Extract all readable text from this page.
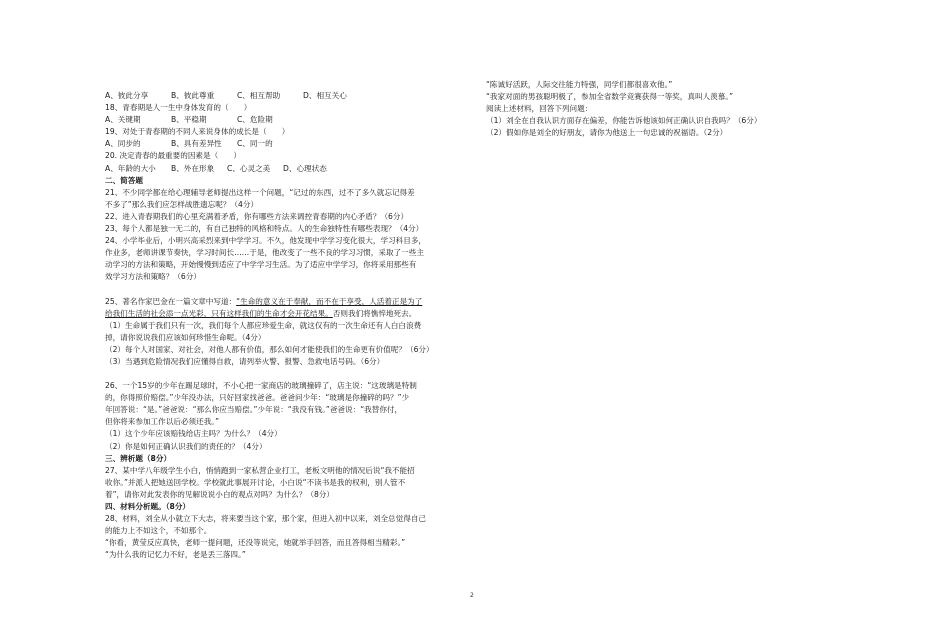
A、彼此分享	B、彼此尊重	C、相互帮助	D、相互关心
18、青春期是人一生中身体发育的（　　）
A、关键期	B、平稳期	C、危险期
19、对处于青春期的不同人来说身体的成长是（　　）
A、同步的	B、具有差异性 C、同一的
20. 决定青春的最重要的因素是（　　）
A、年龄的大小 B、外在形象 C、心灵之美 D、心理状态
二、简答题
21、不少同学都在给心理辅导老师提出这样一个问题，“记过的东西，过不了多久就忘记得差
不多了”那么我们应怎样战胜遗忘呢？（4分）
22、进入青春期我们的心里充满着矛盾，你有哪些方法来调控青春期的内心矛盾？（6分）
23、每个人都是独一无二的，有自己独特的风格和特点。人的生命独特性有哪些表现？（4分）
24、小学毕业后，小明兴高采烈来到中学学习。不久，他发现中学学习变化很大，学习科目多，
作业多，老师讲课节奏快，学习时间长……于是，他改变了一些不良的学习习惯，采取了一些主
动学习的方法和策略，开始慢慢到适应了中学学习生活。为了适应中学学习，你将采用那些有
效学习方法和策略？（6分）
25、著名作家巴金在一篇文章中写道：“生命的意义在于奉献，而不在于享受，人活着正是为了
给我们生活的社会添一点光彩，只有这样我们的生命才会开花结果。否则我们将憔悴地死去。
（1）生命属于我们只有一次，我们每个人都应珍爱生命，就这仅有的一次生命还有人白白浪费
掉，请你说说我们应该如何珍惜生命呢。（4分）
（2）每个人对国家、对社会，对他人都有价值，那么如何才能使我们的生命更有价值呢？（6分）
（3）当遇到危险情况我们应懂得自救，请列举火警、报警、急救电话号码。（6分）
26、一个15岁的少年在踢足球时，不小心把一家商店的玻璃撞碎了，店主说：“这玻璃是特制
的，你得照价赔偿。”少年没办法，只好回家找爸爸。爸爸问少年：“玻璃是你撞碎的吗？”少
年回答说：“是。”爸爸说：“那么你应当赔偿。”少年说：“我没有钱。”爸爸说：“我替你付，
但你将来参加工作以后必须还我。”
（1）这个少年应该赔钱给店主吗？为什么？（4分）
（2）你是如何正确认识我们的责任的？（4分）
三、辨析题（8分）
27、某中学八年级学生小白，悄悄跑到一家私营企业打工，老板文明他的情况后说“我不能招
收你。”并派人把她送回学校。学校就此事展开讨论，小白说“不读书是我的权利，别人管不
着”，请你对此发表你的见解说说小白的观点对吗？为什么？（8分）
四、材料分析题。（8分）
28、材料，刘全从小就立下大志，将来要当这个家，那个家，但进入初中以来，刘全总觉得自己
的能力上不如这个，不如那个。
“你看，黄莹反应真快，老师一提问题，还没等说完，她就举手回答，而且答得相当精彩。”
“为什么我的记忆力不好，老是丢三落四。”
“陈诚好活跃，人际交往能力特强，同学们都很喜欢他。”
“我家对面的男孩聪明极了，参加全省数学竞赛获得一等奖，真叫人羡慕。”
阅读上述材料，回答下列问题：
（1）刘全在自我认识方面存在偏差，你能告诉他该如何正确认识自我吗？（6分）
（2）假如你是刘全的好朋友，请你为他送上一句忠诚的祝福语。（2分）
2
